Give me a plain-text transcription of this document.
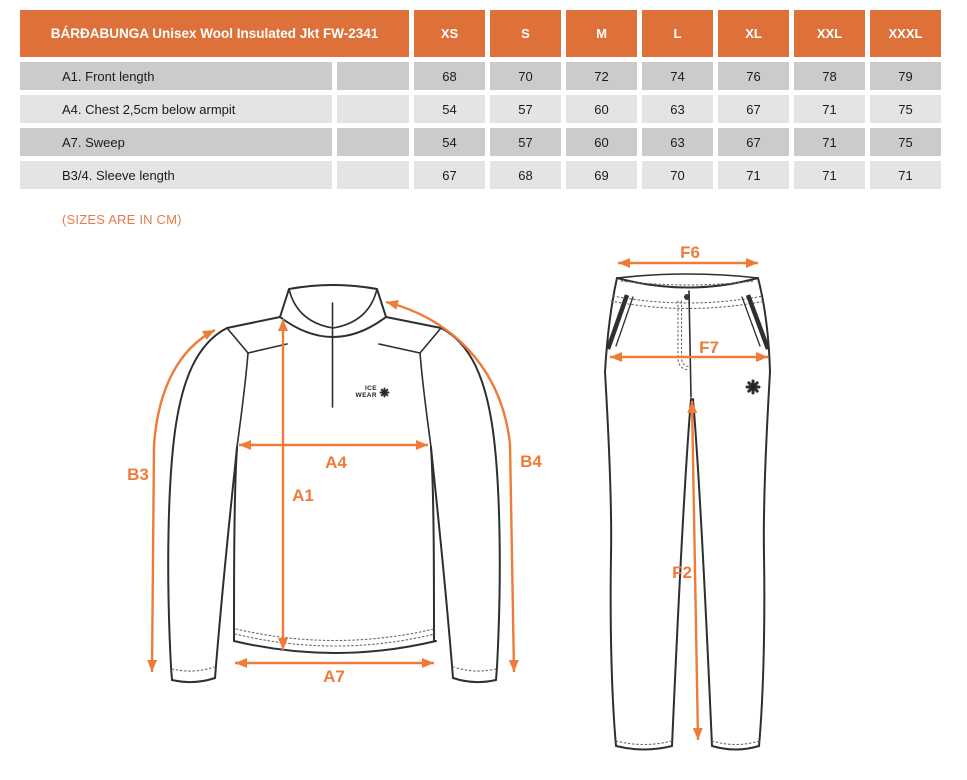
BÁRÐABUNGA Unisex Wool Insulated Jkt FW-2341	XS	S	M	L	XL	XXL	XXXL
A1. Front length	68	70	72	74	76	78	79
A4. Chest 2,5cm below armpit	54	57	60	63	67	71	75
A7. Sweep	54	57	60	63	67	71	75
B3/4. Sleeve length	67	68	69	70	71	71	71
(SIZES ARE IN CM)
ICE
WEAR
B3
A4
A1
A7
B4
F6
F7
F2
